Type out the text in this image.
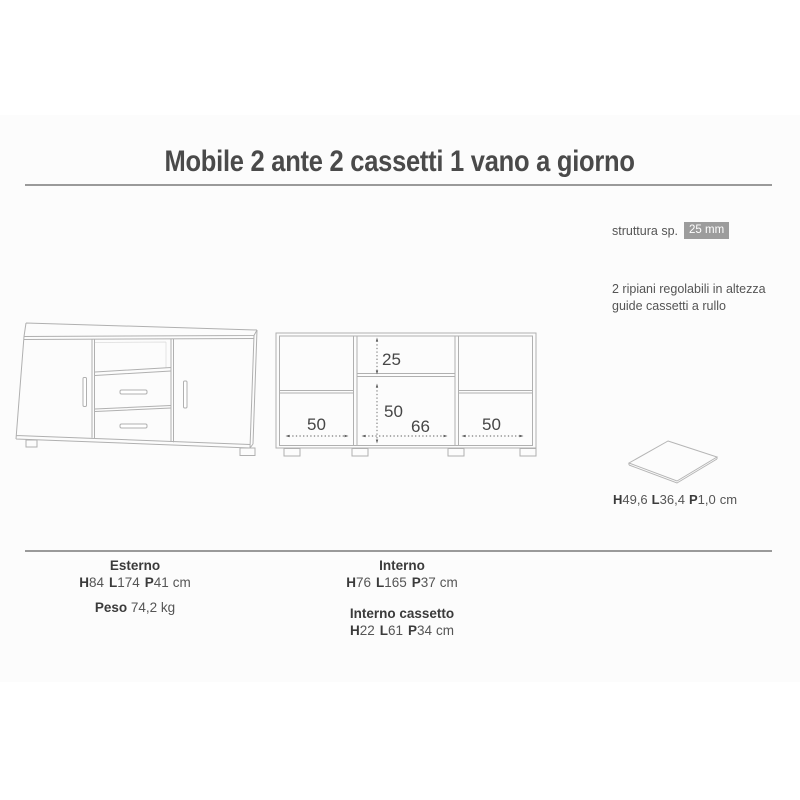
Mobile 2 ante 2 cassetti 1 vano a giorno
struttura sp. 25 mm
2 ripiani regolabili in altezza
guide cassetti a rullo
25
50
66
50	50
H49,6 L36,4 P1,0 cm
Esterno
H84 L174 P41 cm
Peso 74,2 kg
Interno
H76 L165 P37 cm
Interno cassetto
H22 L61 P34 cm
